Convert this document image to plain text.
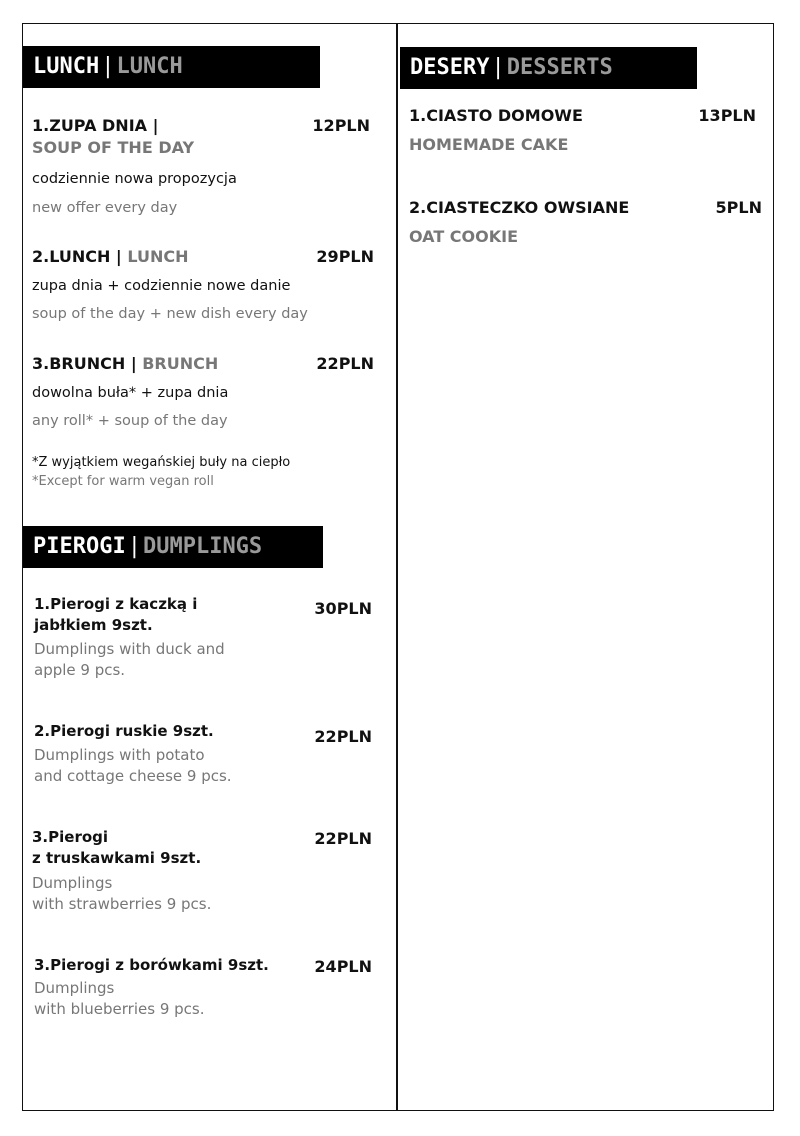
LUNCH|LUNCH
1.ZUPA DNIA |
SOUP OF THE DAY
12PLN
codziennie nowa propozycja
new offer every day
2.LUNCH | LUNCH	29PLN
zupa dnia + codziennie nowe danie
soup of the day + new dish every day
3.BRUNCH | BRUNCH	22PLN
dowolna buła* + zupa dnia
any roll* + soup of the day
*Z wyjątkiem wegańskiej buły na ciepło
*Except for warm vegan roll
PIEROGI|DUMPLINGS
1.Pierogi z kaczką i
jabłkiem 9szt.
Dumplings with duck and
apple 9 pcs.
30PLN
2.Pierogi ruskie 9szt.
Dumplings with potato
and cottage cheese 9 pcs.
22PLN
3.Pierogi
z truskawkami 9szt.
Dumplings
with strawberries 9 pcs.
22PLN
3.Pierogi z borówkami 9szt.
Dumplings
with blueberries 9 pcs.
24PLN
DESERY|DESSERTS
1.CIASTO DOMOWE
HOMEMADE CAKE
13PLN
2.CIASTECZKO OWSIANE
OAT COOKIE
5PLN
